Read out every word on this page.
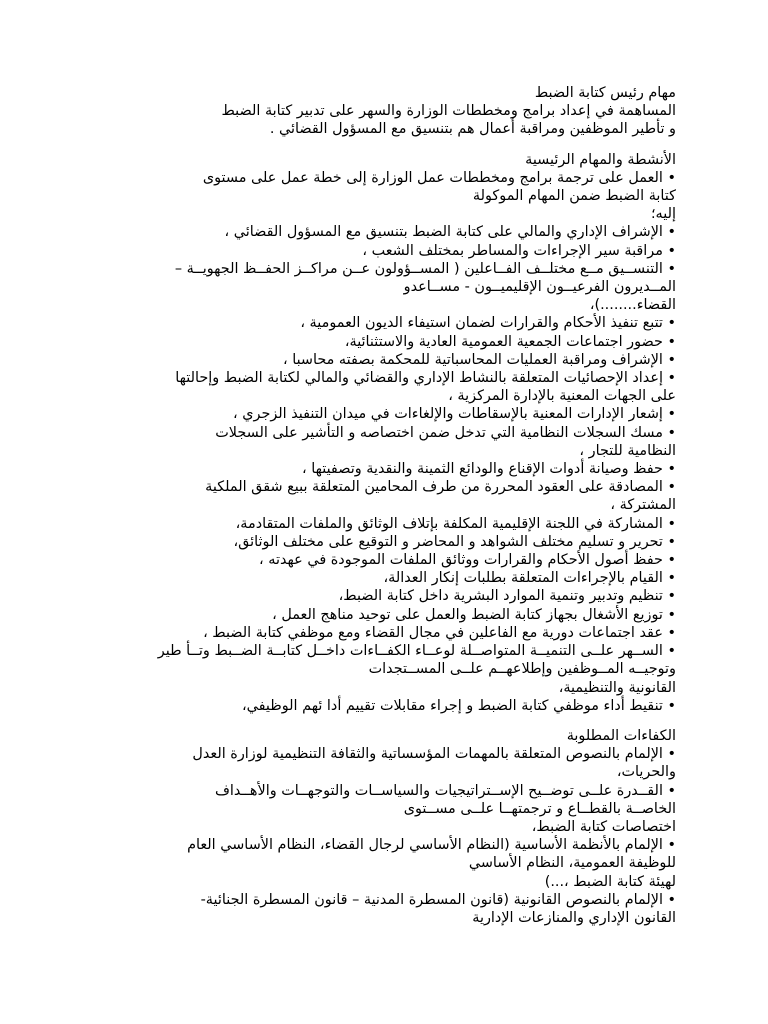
مهام رئيس كتابة الضبط

المساهمة في إعداد برامج ومخططات الوزارة والسهر على تدبير كتابة الضبط

و تأطير الموظفين ومراقبة أعمال هم بتنسيق مع المسؤول القضائي .

الأنشطة والمهام الرئيسية

• العمل على ترجمة برامج ومخططات عمل الوزارة إلى خطة عمل على مستوى

كتابة الضبط ضمن المهام الموكولة

إليه؛

• الإشراف الإداري والمالي على كتابة الضبط بتنسيق مع المسؤول القضائي ،

• مراقبة سير الإجراءات والمساطر بمختلف الشعب ،

• التنســيق مــع مختلــف الفــاعلين ( المســؤولون عــن مراكــز الحفــظ الجهويــة –

المــديرون الفرعيــون الإقليميــون - مســاعدو

القضاء........)،

• تتبع تنفيذ الأحكام والقرارات لضمان استيفاء الديون العمومية ،

• حضور اجتماعات الجمعية العمومية العادية والاستثنائية،

• الإشراف ومراقبة العمليات المحاسباتية للمحكمة بصفته محاسبا ،

• إعداد الإحصائيات المتعلقة بالنشاط الإداري والقضائي والمالي لكتابة الضبط وإحالتها

على الجهات المعنية بالإدارة المركزية ،

• إشعار الإدارات المعنية بالإسقاطات والإلغاءات في ميدان التنفيذ الزجري ،

• مسك السجلات النظامية التي تدخل ضمن اختصاصه و التأشير على السجلات

النظامية للتجار ،

• حفظ وصيانة أدوات الإقناع والودائع الثمينة والنقدية وتصفيتها ،

• المصادقة على العقود المحررة من طرف المحامين المتعلقة ببيع شقق الملكية

المشتركة ،

• المشاركة في اللجنة الإقليمية المكلفة بإتلاف الوثائق والملفات المتقادمة،

• تحرير و تسليم مختلف الشواهد و المحاضر و التوقيع على مختلف الوثائق،

• حفظ أصول الأحكام والقرارات ووثائق الملفات الموجودة في عهدته ،

• القيام بالإجراءات المتعلقة بطلبات إنكار العدالة،

• تنظيم وتدبير وتنمية الموارد البشرية داخل كتابة الضبط،

• توزيع الأشغال بجهاز كتابة الضبط والعمل على توحيد مناهج العمل ،

• عقد اجتماعات دورية مع الفاعلين في مجال القضاء ومع موظفي كتابة الضبط ،

• الســهر علــى التنميــة المتواصــلة لوعــاء الكفــاءات داخــل كتابــة الضــبط وتــأ طير

وتوجيــه المــوظفين وإطلاعهــم علــى المســتجدات

القانونية والتنظيمية،

• تنقيط أداء موظفي كتابة الضبط و إجراء مقابلات تقييم أدا ئهم الوظيفي،

الكفاءات المطلوبة

• الإلمام بالنصوص المتعلقة بالمهمات المؤسساتية والثقافة التنظيمية لوزارة العدل

والحريات،

• القــدرة علــى توضــيح الإســتراتيجيات والسياســات والتوجهــات والأهــداف

الخاصــة بالقطــاع و ترجمتهــا علــى مســتوى

اختصاصات كتابة الضبط،

• الإلمام بالأنظمة الأساسية (النظام الأساسي لرجال القضاء، النظام الأساسي العام

للوظيفة العمومية، النظام الأساسي

لهيئة كتابة الضبط ،...)

• الإلمام بالنصوص القانونية (قانون المسطرة المدنية – قانون المسطرة الجنائية-

القانون الإداري والمنازعات الإدارية
